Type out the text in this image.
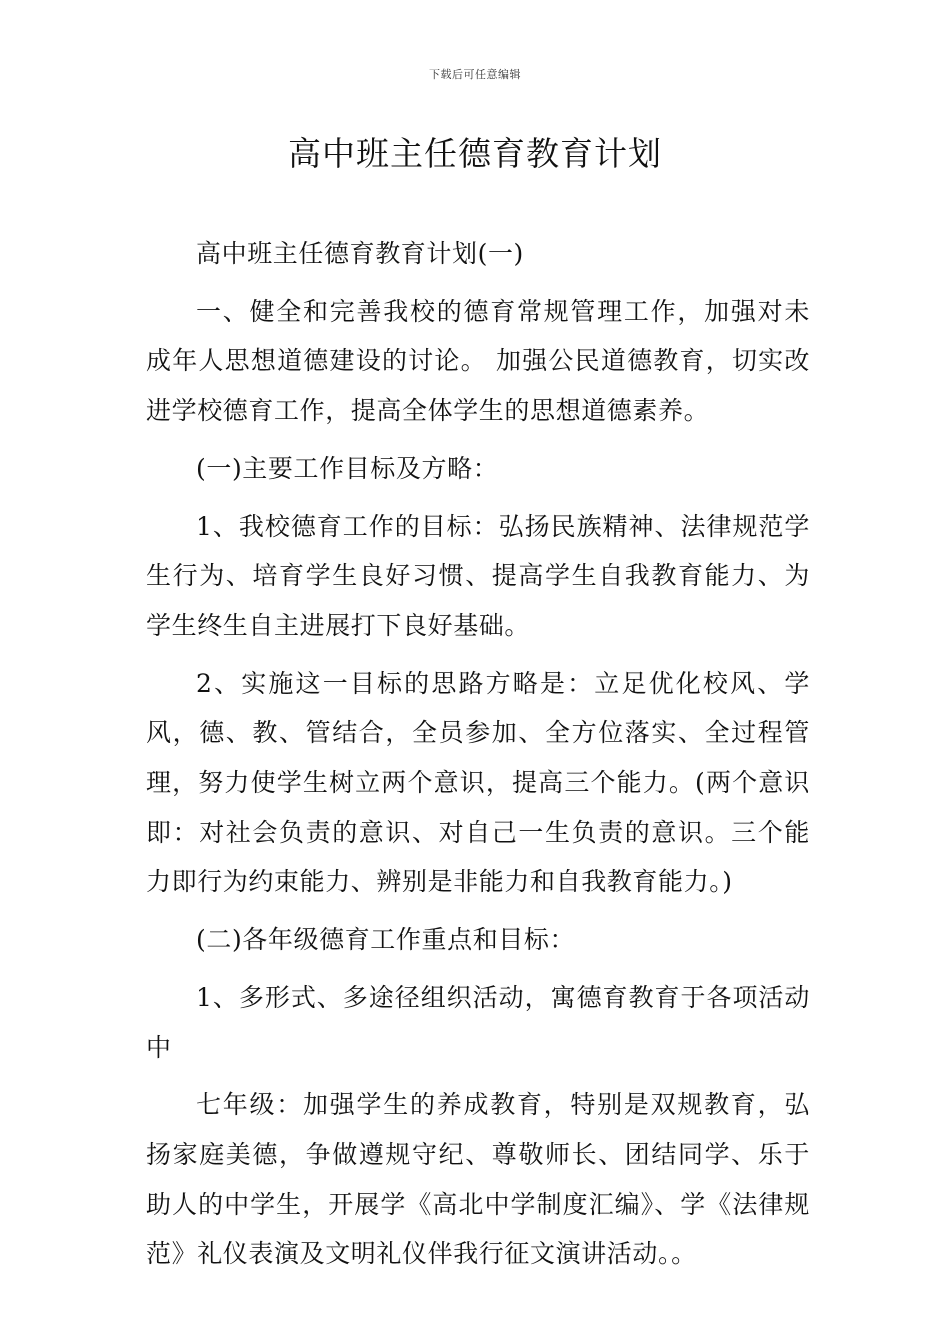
下载后可任意编辑
高中班主任德育教育计划

高中班主任德育教育计划(一)

一、健全和完善我校的德育常规管理工作，加强对未成年人思想道德建设的讨论。 加强公民道德教育，切实改进学校德育工作，提高全体学生的思想道德素养。

(一)主要工作目标及方略：

1、我校德育工作的目标：弘扬民族精神、法律规范学生行为、培育学生良好习惯、提高学生自我教育能力、为学生终生自主进展打下良好基础。

2、实施这一目标的思路方略是：立足优化校风、学风，德、教、管结合，全员参加、全方位落实、全过程管理，努力使学生树立两个意识，提高三个能力。(两个意识即：对社会负责的意识、对自己一生负责的意识。三个能力即行为约束能力、辨别是非能力和自我教育能力。)

(二)各年级德育工作重点和目标：

1、多形式、多途径组织活动，寓德育教育于各项活动中

七年级：加强学生的养成教育，特别是双规教育，弘扬家庭美德，争做遵规守纪、尊敬师长、团结同学、乐于助人的中学生，开展学《高北中学制度汇编》、学《法律规范》礼仪表演及文明礼仪伴我行征文演讲活动。。
